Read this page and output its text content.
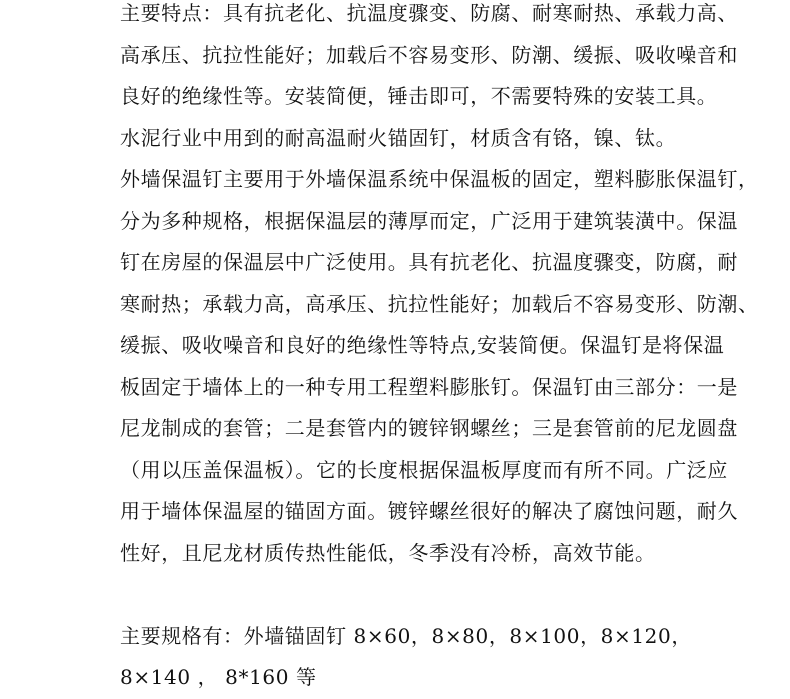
主要特点：具有抗老化、抗温度骤变、防腐、耐寒耐热、承载力高、
高承压、抗拉性能好；加载后不容易变形、防潮、缓振、吸收噪音和
良好的绝缘性等。安装简便，锤击即可，不需要特殊的安装工具。
水泥行业中用到的耐高温耐火锚固钉，材质含有铬，镍、钛。
外墙保温钉主要用于外墙保温系统中保温板的固定，塑料膨胀保温钉，
分为多种规格，根据保温层的薄厚而定，广泛用于建筑装潢中。保温
钉在房屋的保温层中广泛使用。具有抗老化、抗温度骤变，防腐，耐
寒耐热；承载力高，高承压、抗拉性能好；加载后不容易变形、防潮、
缓振、吸收噪音和良好的绝缘性等特点,安装简便。保温钉是将保温
板固定于墙体上的一种专用工程塑料膨胀钉。保温钉由三部分：一是
尼龙制成的套管；二是套管内的镀锌钢螺丝；三是套管前的尼龙圆盘
（用以压盖保温板）。它的长度根据保温板厚度而有所不同。广泛应
用于墙体保温屋的锚固方面。镀锌螺丝很好的解决了腐蚀问题，耐久
性好，且尼龙材质传热性能低，冬季没有冷桥，高效节能。
主要规格有：外墙锚固钉 8×60，8×80，8×100，8×120，
8×140 ， 8*160 等
